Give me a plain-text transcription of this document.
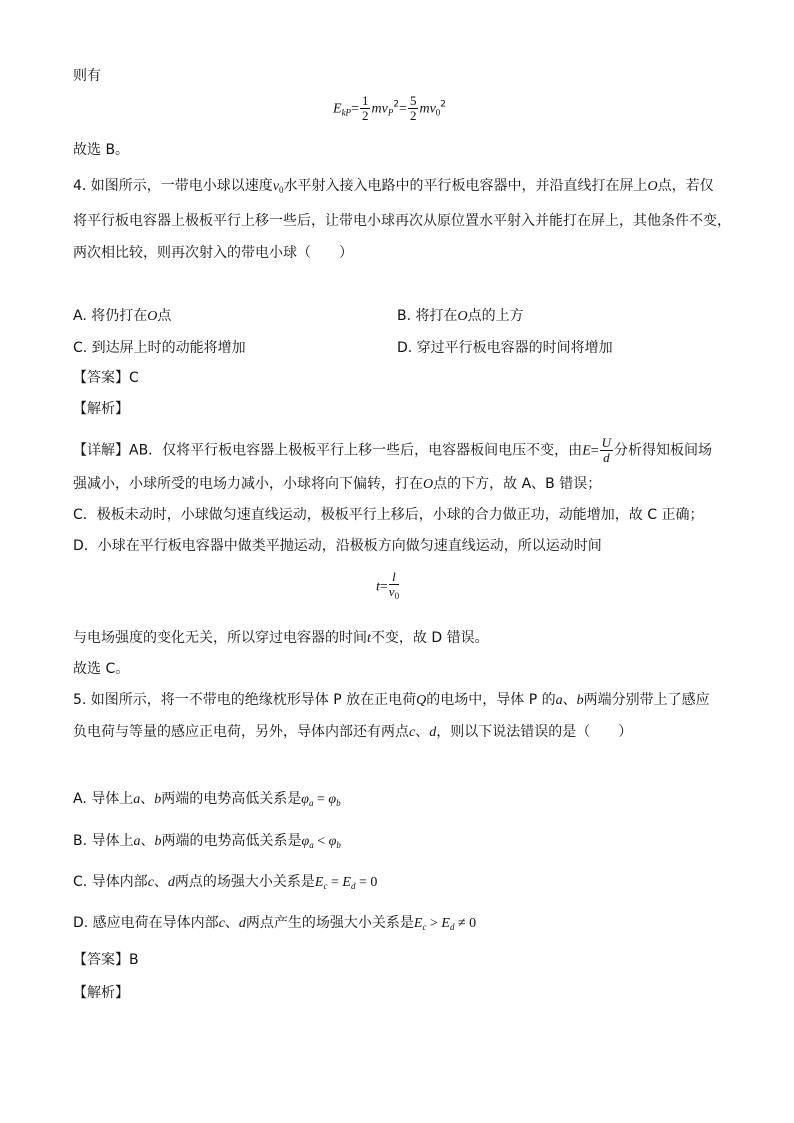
则有
$E_{kP}= \frac{1}{2} mv_P^2= \frac{5}{2} mv_0^2$
故选 B。
4. 如图所示，一带电小球以速度$v_0$水平射入接入电路中的平行板电容器中，并沿直线打在屏上O点，若仅
将平行板电容器上极板平行上移一些后，让带电小球再次从原位置水平射入并能打在屏上，其他条件不变，
两次相比较，则再次射入的带电小球（　　）
A. 将仍打在O点	B. 将打在O点的上方
C. 到达屏上时的动能将增加	D. 穿过平行板电容器的时间将增加
【答案】C
【解析】
【详解】AB．仅将平行板电容器上极板平行上移一些后，电容器板间电压不变，由$E= \frac{U}{d}$ 分析得知板间场
强减小，小球所受的电场力减小，小球将向下偏转，打在O点的下方，故 A、B 错误；
C．极板未动时，小球做匀速直线运动，极板平行上移后，小球的合力做正功，动能增加，故 C 正确；
D．小球在平行板电容器中做类平抛运动，沿极板方向做匀速直线运动，所以运动时间
$t= \frac{l}{v_0}$
与电场强度的变化无关，所以穿过电容器的时间t不变，故 D 错误。
故选 C。
5. 如图所示，将一不带电的绝缘枕形导体 P 放在正电荷Q的电场中，导体 P 的a、b两端分别带上了感应
负电荷与等量的感应正电荷，另外，导体内部还有两点c、d，则以下说法错误的是（　　）
A. 导体上a、b两端的电势高低关系是$\varphi_a = \varphi_b$
B. 导体上a、b两端的电势高低关系是$\varphi_a < \varphi_b$
C. 导体内部c、d两点的场强大小关系是$E_c = E_d = 0$
D. 感应电荷在导体内部c、d两点产生的场强大小关系是$E_c > E_d \ne 0$
【答案】B
【解析】
